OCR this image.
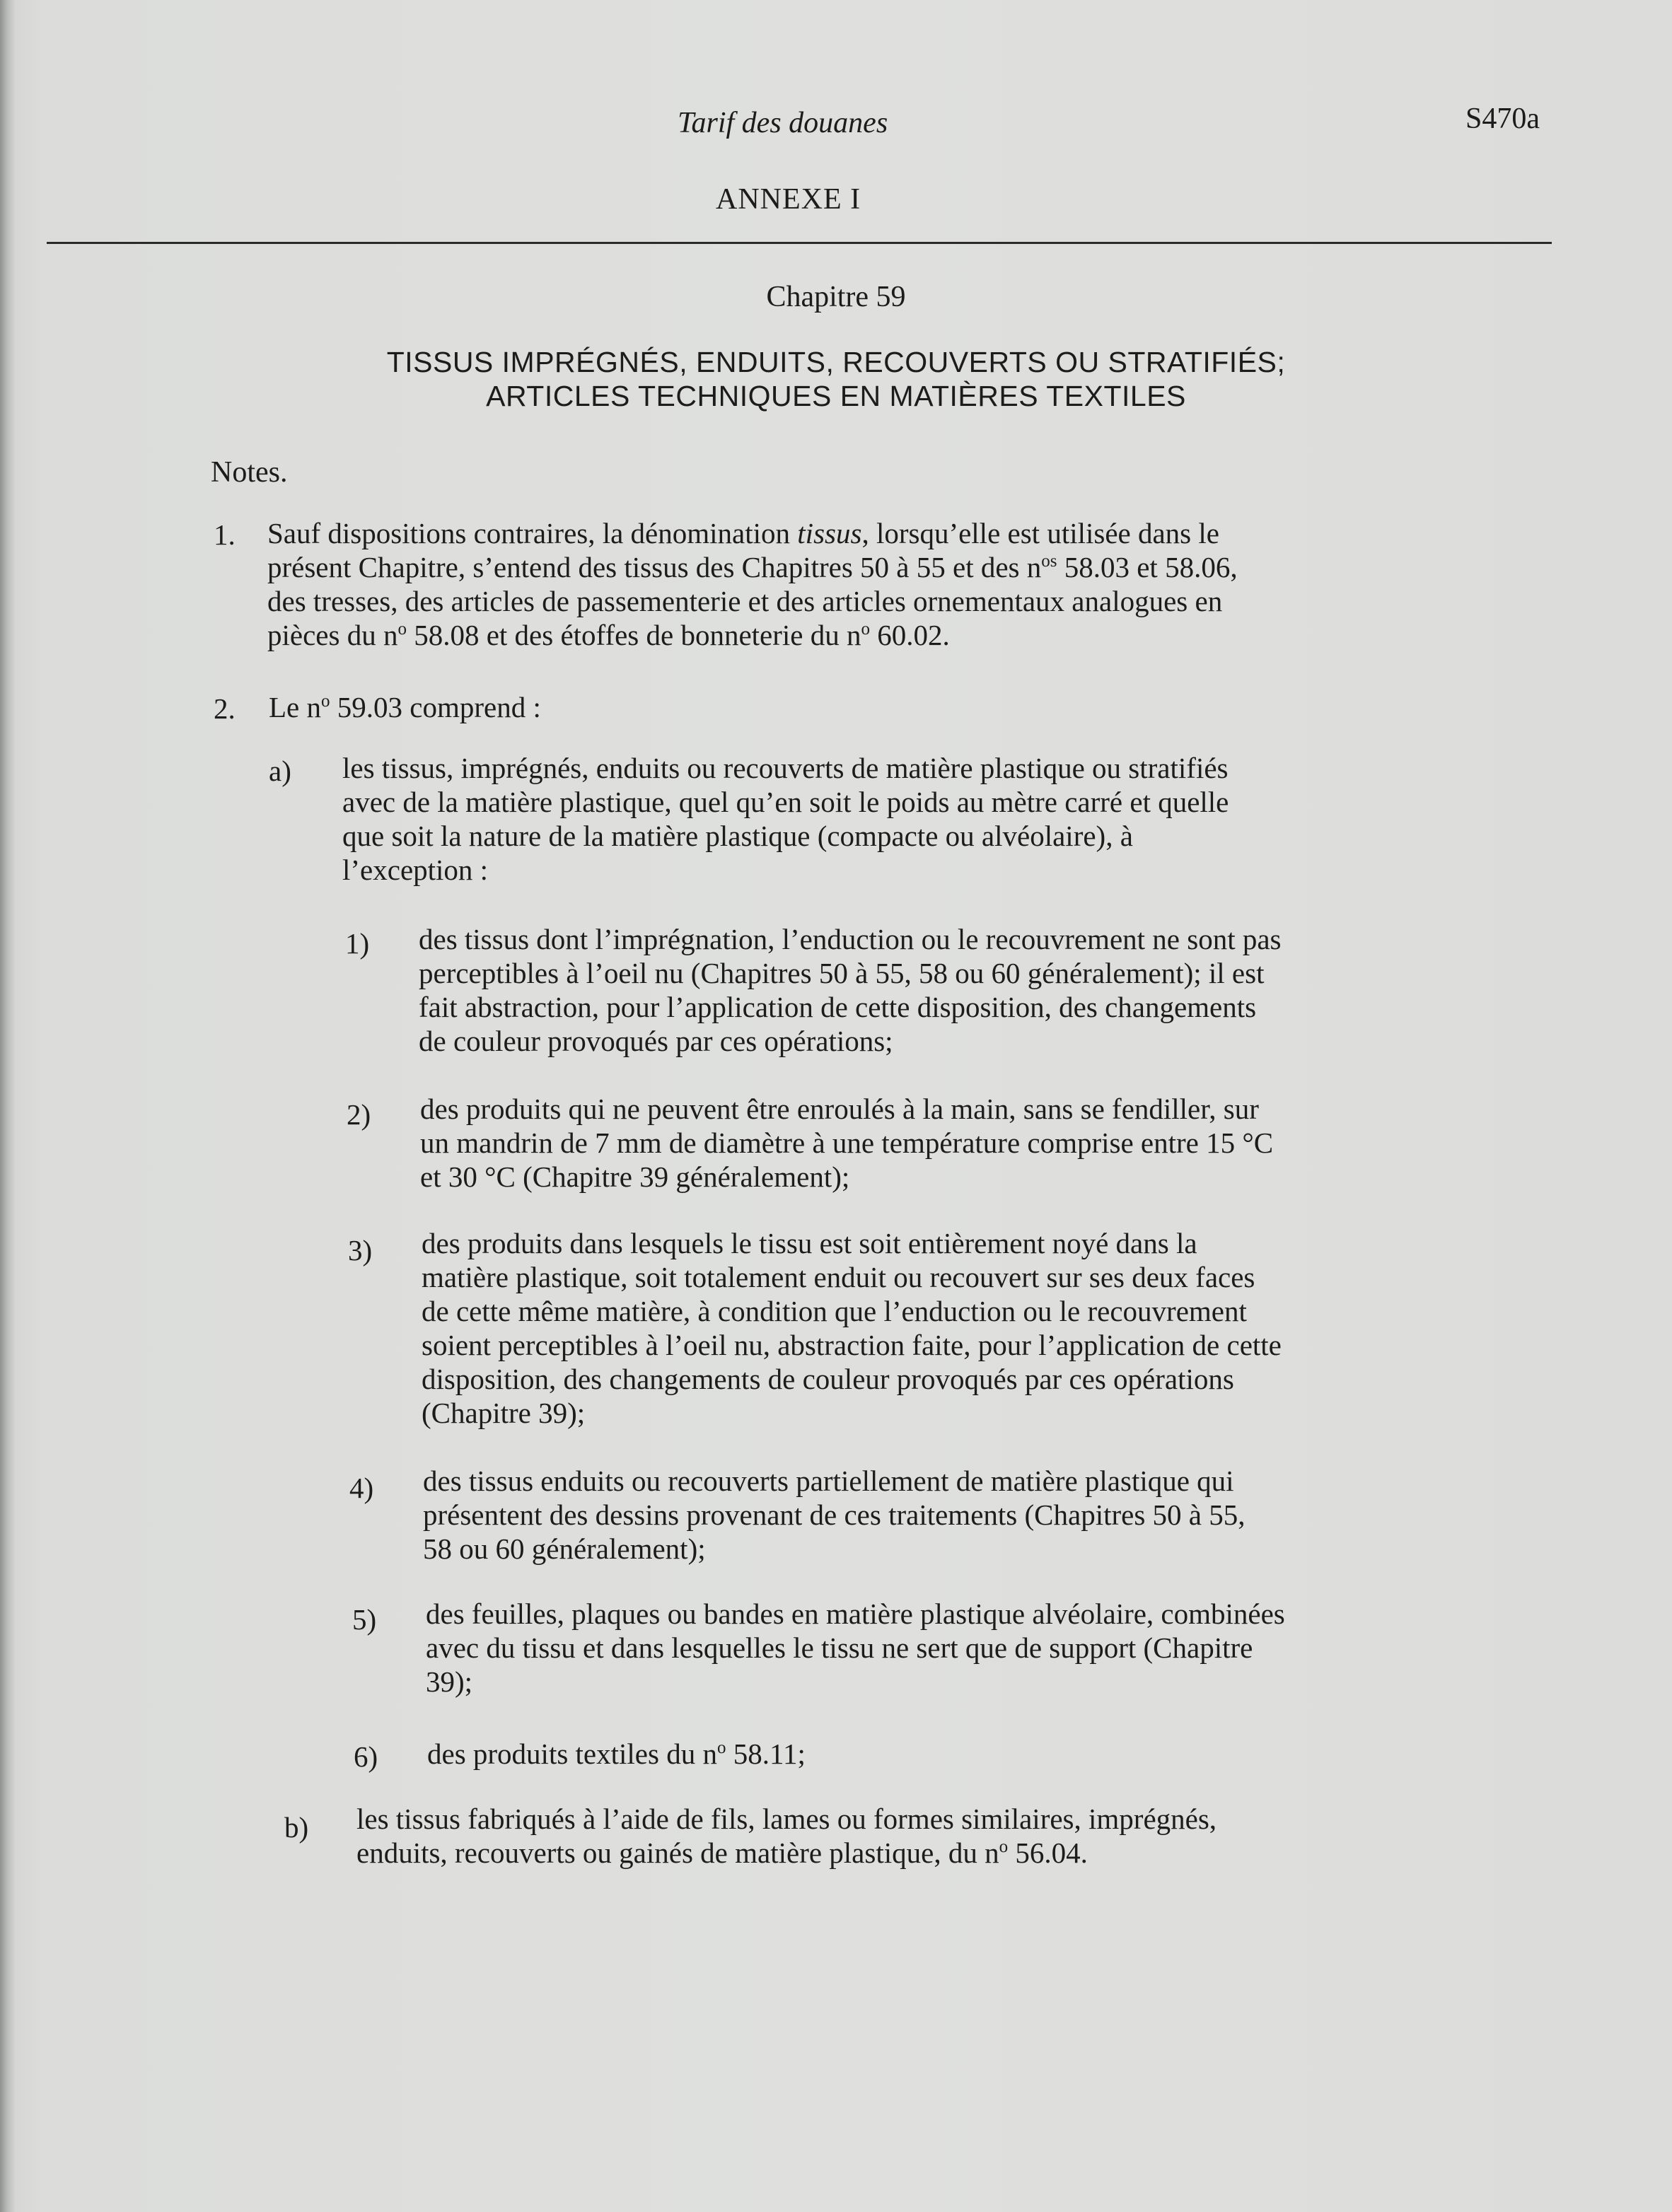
Tarif des douanes	S470a
ANNEXE I
Chapitre 59
TISSUS IMPRÉGNÉS, ENDUITS, RECOUVERTS OU STRATIFIÉS;
ARTICLES TECHNIQUES EN MATIÈRES TEXTILES
Notes.
1. Sauf dispositions contraires, la dénomination tissus, lorsqu’elle est utilisée dans le
présent Chapitre, s’entend des tissus des Chapitres 50 à 55 et des $n^{os}$ 58.03 et 58.06,
des tresses, des articles de passementerie et des articles ornementaux analogues en
pièces du $n^o$ 58.08 et des étoffes de bonneterie du $n^o$ 60.02.
2. Le $n^o$ 59.03 comprend :
a) les tissus, imprégnés, enduits ou recouverts de matière plastique ou stratifiés
avec de la matière plastique, quel qu’en soit le poids au mètre carré et quelle
que soit la nature de la matière plastique (compacte ou alvéolaire), à
l’exception :
1) des tissus dont l’imprégnation, l’enduction ou le recouvrement ne sont pas
perceptibles à l’oeil nu (Chapitres 50 à 55, 58 ou 60 généralement); il est
fait abstraction, pour l’application de cette disposition, des changements
de couleur provoqués par ces opérations;
2) des produits qui ne peuvent être enroulés à la main, sans se fendiller, sur
un mandrin de 7 mm de diamètre à une température comprise entre 15 °C
et 30 °C (Chapitre 39 généralement);
3) des produits dans lesquels le tissu est soit entièrement noyé dans la
matière plastique, soit totalement enduit ou recouvert sur ses deux faces
de cette même matière, à condition que l’enduction ou le recouvrement
soient perceptibles à l’oeil nu, abstraction faite, pour l’application de cette
disposition, des changements de couleur provoqués par ces opérations
(Chapitre 39);
4) des tissus enduits ou recouverts partiellement de matière plastique qui
présentent des dessins provenant de ces traitements (Chapitres 50 à 55,
58 ou 60 généralement);
5) des feuilles, plaques ou bandes en matière plastique alvéolaire, combinées
avec du tissu et dans lesquelles le tissu ne sert que de support (Chapitre
39);
6) des produits textiles du $n^o$ 58.11;
b) les tissus fabriqués à l’aide de fils, lames ou formes similaires, imprégnés,
enduits, recouverts ou gainés de matière plastique, du $n^o$ 56.04.
